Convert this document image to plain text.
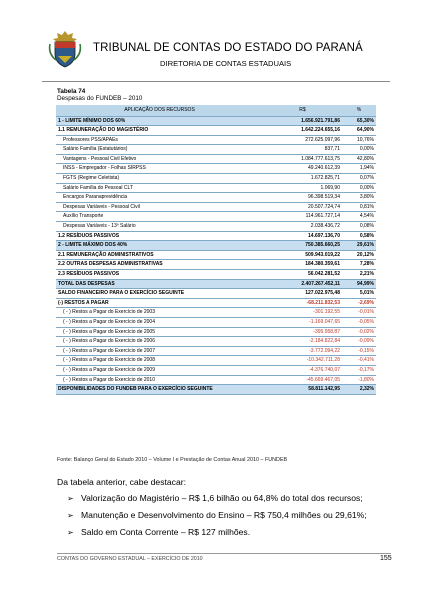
TRIBUNAL DE CONTAS DO ESTADO DO PARANÁ
DIRETORIA DE CONTAS ESTADUAIS
Tabela 74
Despesas do FUNDEB – 2010
APLICAÇÃO DOS RECURSOS	R$	%
1 - LIMITE MÍNIMO DOS 60%	1.656.921.791,86	65,30%
1.1 REMUNERAÇÃO DO MAGISTÉRIO	1.642.224.655,16	64,90%
Professores PSS/APAEs	272.625.097,96	10,76%
Salário Família (Estatutários)	837,71	0,00%
Vantagens - Pessoal Civil Efetivo	1.084.777.613,75	42,80%
INSS - Empregador - Folhas SIRPSS	49.240.612,39	1,94%
FGTS (Regime Celetista)	1.672.825,71	0,07%
Salário Família do Pessoal CLT	1.069,90	0,00%
Encargos Paranaprevidência	96.398.519,34	3,80%
Despesas Variáveis - Pessoal Civil	20.507.724,74	0,81%
Auxílio Transporte	114.961.727,14	4,54%
Despesas Variáveis - 13º Salário	2.038.436,72	0,08%
1.2 RESÍDUOS PASSIVOS	14.697.136,70	0,58%
2 - LIMITE MÁXIMO DOS 40%	750.385.660,25	29,61%
2.1 REMUNERAÇÃO ADMINISTRATIVOS	509.943.019,22	20,12%
2.2 OUTRAS DESPESAS ADMINISTRATIVAS	184.380.359,61	7,28%
2.3 RESÍDUOS PASSIVOS	56.042.281,52	2,21%
TOTAL DAS DESPESAS	2.407.267.452,11	94,99%
SALDO FINANCEIRO PARA O EXERCÍCIO SEGUINTE	127.022.975,48	5,01%
(-) RESTOS A PAGAR	-68.211.832,53	-2,69%
( - ) Restos a Pagar do Exercício de 2003	-301.192,55	-0,01%
( - ) Restos a Pagar do Exercício de 2004	-1.169.047,65	-0,05%
( - ) Restos a Pagar do Exercício de 2005	-395.958,87	-0,02%
( - ) Restos a Pagar do Exercício de 2006	-2.184.822,84	-0,09%
( - ) Restos a Pagar do Exercício de 2007	-3.772.094,22	-0,15%
( - ) Restos a Pagar do Exercício de 2008	-10.342.711,28	-0,41%
( - ) Restos a Pagar do Exercício de 2009	-4.376.740,07	-0,17%
( - ) Restos a Pagar do Exercício de 2010	-45.669.467,05	-1,80%
DISPONIBILIDADES DO FUNDEB PARA O EXERCÍCIO SEGUINTE	58.811.142,95	2,32%
Fonte: Balanço Geral do Estado 2010 – Volume I e Prestação de Contas Anual 2010 – FUNDEB
Da tabela anterior, cabe destacar:
➢ Valorização do Magistério – R$ 1,6 bilhão ou 64,8% do total dos recursos;
➢ Manutenção e Desenvolvimento do Ensino – R$ 750,4 milhões ou 29,61%;
➢ Saldo em Conta Corrente – R$ 127 milhões.
CONTAS DO GOVERNO ESTADUAL – EXERCÍCIO DE 2010	155
